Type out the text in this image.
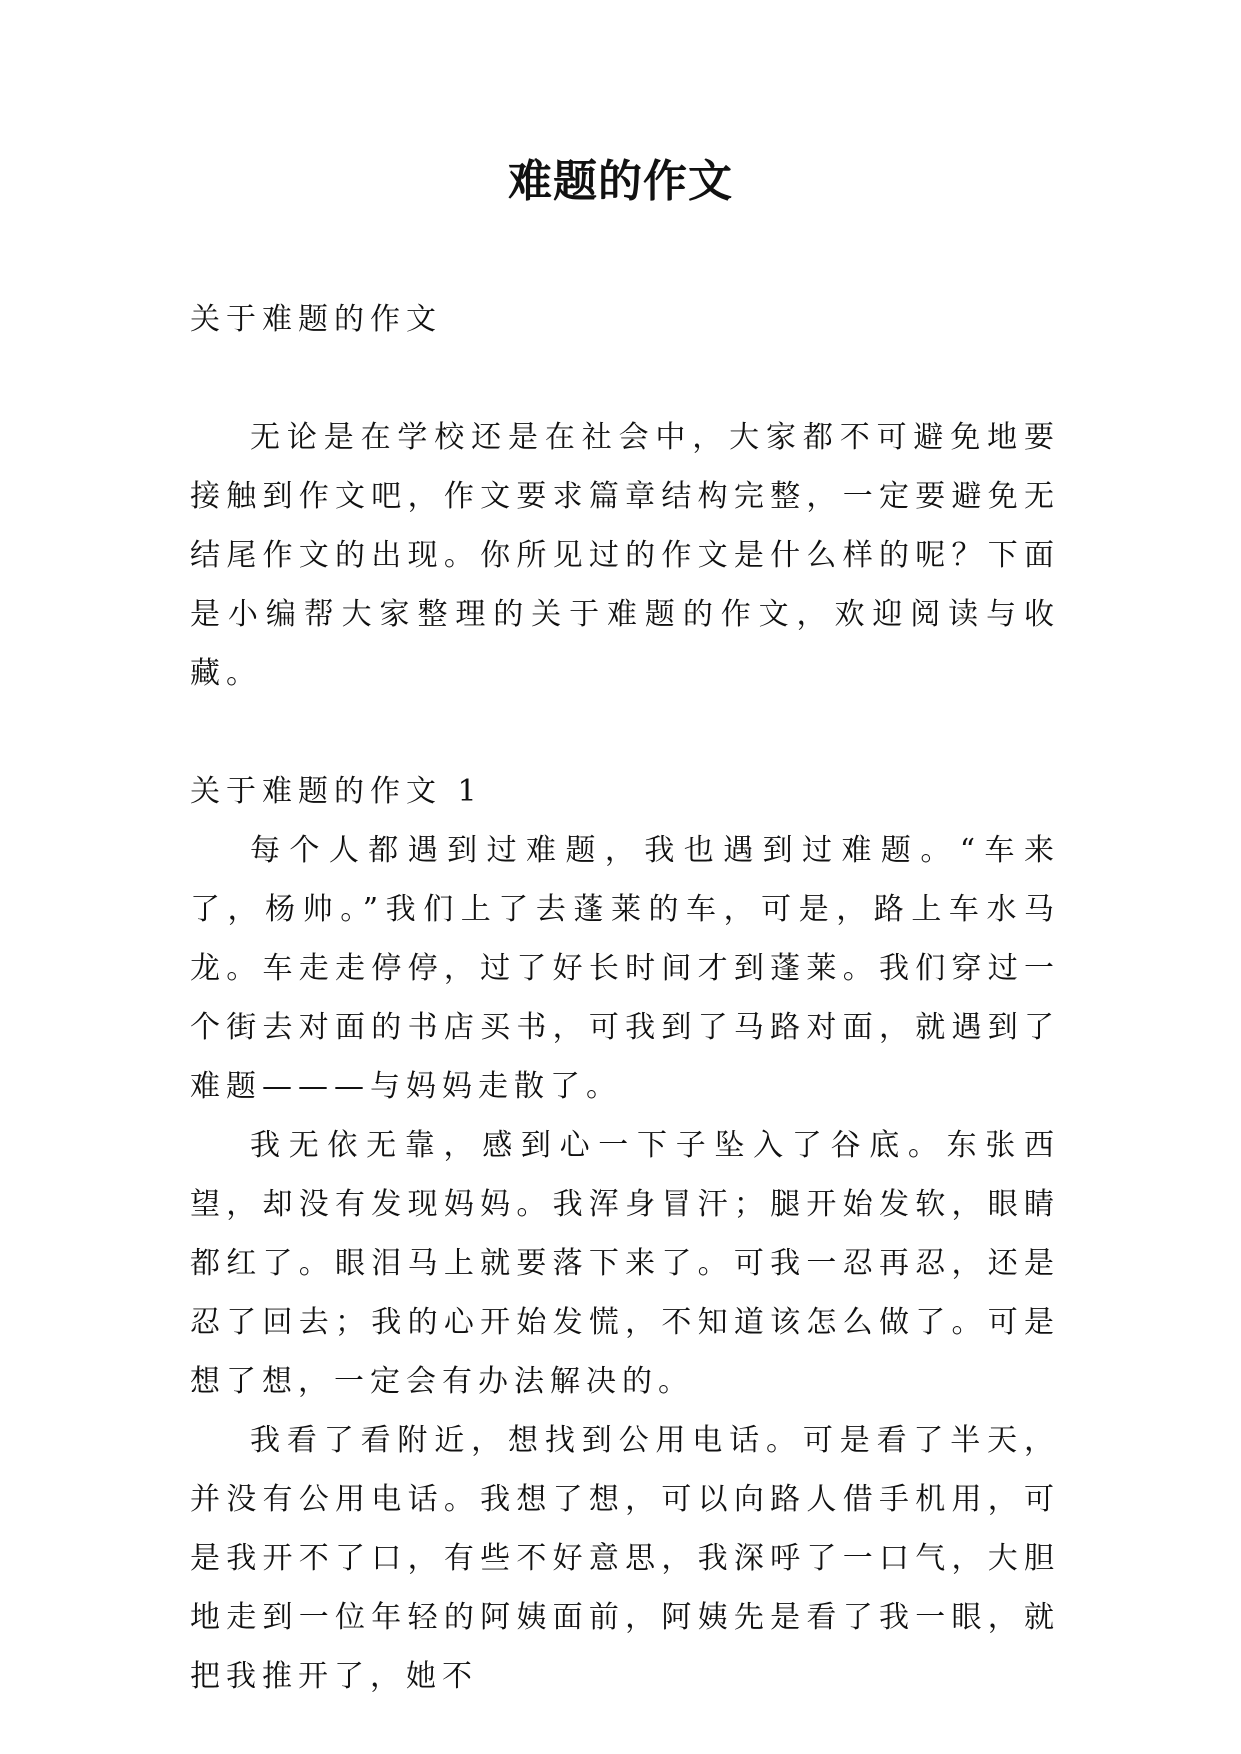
难题的作文

关于难题的作文

无论是在学校还是在社会中，大家都不可避免地要接触到作文吧，作文要求篇章结构完整，一定要避免无结尾作文的出现。你所见过的作文是什么样的呢？下面是小编帮大家整理的关于难题的作文，欢迎阅读与收藏。

关于难题的作文 1

每个人都遇到过难题，我也遇到过难题。“车来了，杨帅。”我们上了去蓬莱的车，可是，路上车水马龙。车走走停停，过了好长时间才到蓬莱。我们穿过一个街去对面的书店买书，可我到了马路对面，就遇到了难题———与妈妈走散了。

我无依无靠，感到心一下子坠入了谷底。东张西望，却没有发现妈妈。我浑身冒汗；腿开始发软，眼睛都红了。眼泪马上就要落下来了。可我一忍再忍，还是忍了回去；我的心开始发慌，不知道该怎么做了。可是想了想，一定会有办法解决的。

我看了看附近，想找到公用电话。可是看了半天，并没有公用电话。我想了想，可以向路人借手机用，可是我开不了口，有些不好意思，我深呼了一口气，大胆地走到一位年轻的阿姨面前，阿姨先是看了我一眼，就把我推开了，她不
